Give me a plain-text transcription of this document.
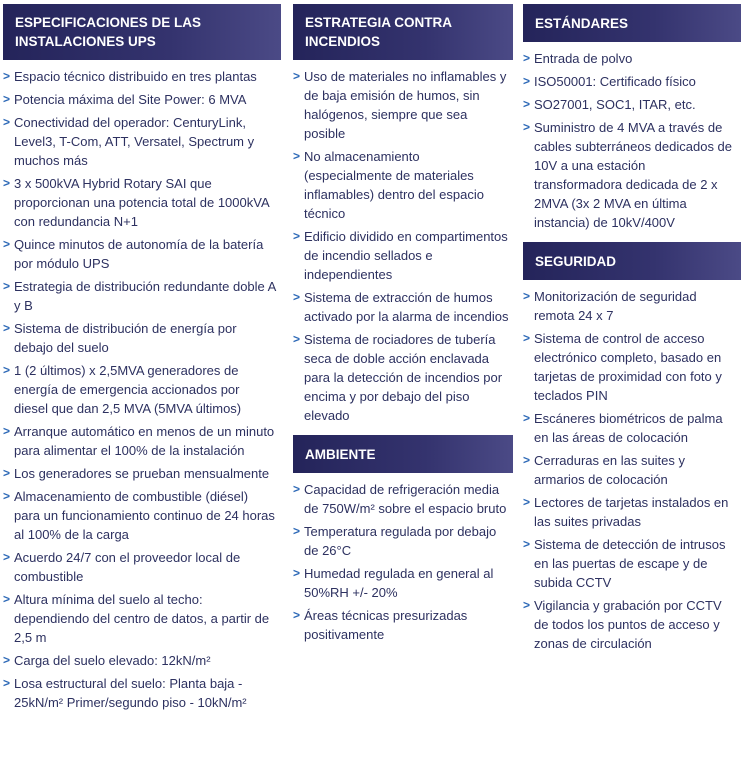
ESPECIFICACIONES DE LAS INSTALACIONES UPS
> Espacio técnico distribuido en tres plantas
> Potencia máxima del Site Power: 6 MVA
> Conectividad del operador: CenturyLink, Level3, T-Com, ATT, Versatel, Spectrum y muchos más
> 3 x 500kVA Hybrid Rotary SAI que proporcionan una potencia total de 1000kVA con redundancia N+1
> Quince minutos de autonomía de la batería por módulo UPS
> Estrategia de distribución redundante doble A y B
> Sistema de distribución de energía por debajo del suelo
> 1 (2 últimos) x 2,5MVA generadores de energía de emergencia accionados por diesel que dan 2,5 MVA (5MVA últimos)
> Arranque automático en menos de un minuto para alimentar el 100% de la instalación
> Los generadores se prueban mensualmente
> Almacenamiento de combustible (diésel) para un funcionamiento continuo de 24 horas al 100% de la carga
> Acuerdo 24/7 con el proveedor local de combustible
> Altura mínima del suelo al techo: dependiendo del centro de datos, a partir de 2,5 m
> Carga del suelo elevado: 12kN/m²
> Losa estructural del suelo: Planta baja - 25kN/m² Primer/segundo piso - 10kN/m²
ESTRATEGIA CONTRA INCENDIOS
> Uso de materiales no inflamables y de baja emisión de humos, sin halógenos, siempre que sea posible
> No almacenamiento (especialmente de materiales inflamables) dentro del espacio técnico
> Edificio dividido en compartimentos de incendio sellados e independientes
> Sistema de extracción de humos activado por la alarma de incendios
> Sistema de rociadores de tubería seca de doble acción enclavada para la detección de incendios por encima y por debajo del piso elevado
AMBIENTE
> Capacidad de refrigeración media de 750W/m² sobre el espacio bruto
> Temperatura regulada por debajo de 26°C
> Humedad regulada en general al 50%RH +/- 20%
> Áreas técnicas presurizadas positivamente
ESTÁNDARES
> Entrada de polvo
> ISO50001: Certificado físico
> SO27001, SOC1, ITAR, etc.
> Suministro de 4 MVA a través de cables subterráneos dedicados de 10V a una estación transformadora dedicada de 2 x 2MVA (3x 2 MVA en última instancia) de 10kV/400V
SEGURIDAD
> Monitorización de seguridad remota 24 x 7
> Sistema de control de acceso electrónico completo, basado en tarjetas de proximidad con foto y teclados PIN
> Escáneres biométricos de palma en las áreas de colocación
> Cerraduras en las suites y armarios de colocación
> Lectores de tarjetas instalados en las suites privadas
> Sistema de detección de intrusos en las puertas de escape y de subida CCTV
> Vigilancia y grabación por CCTV de todos los puntos de acceso y zonas de circulación
